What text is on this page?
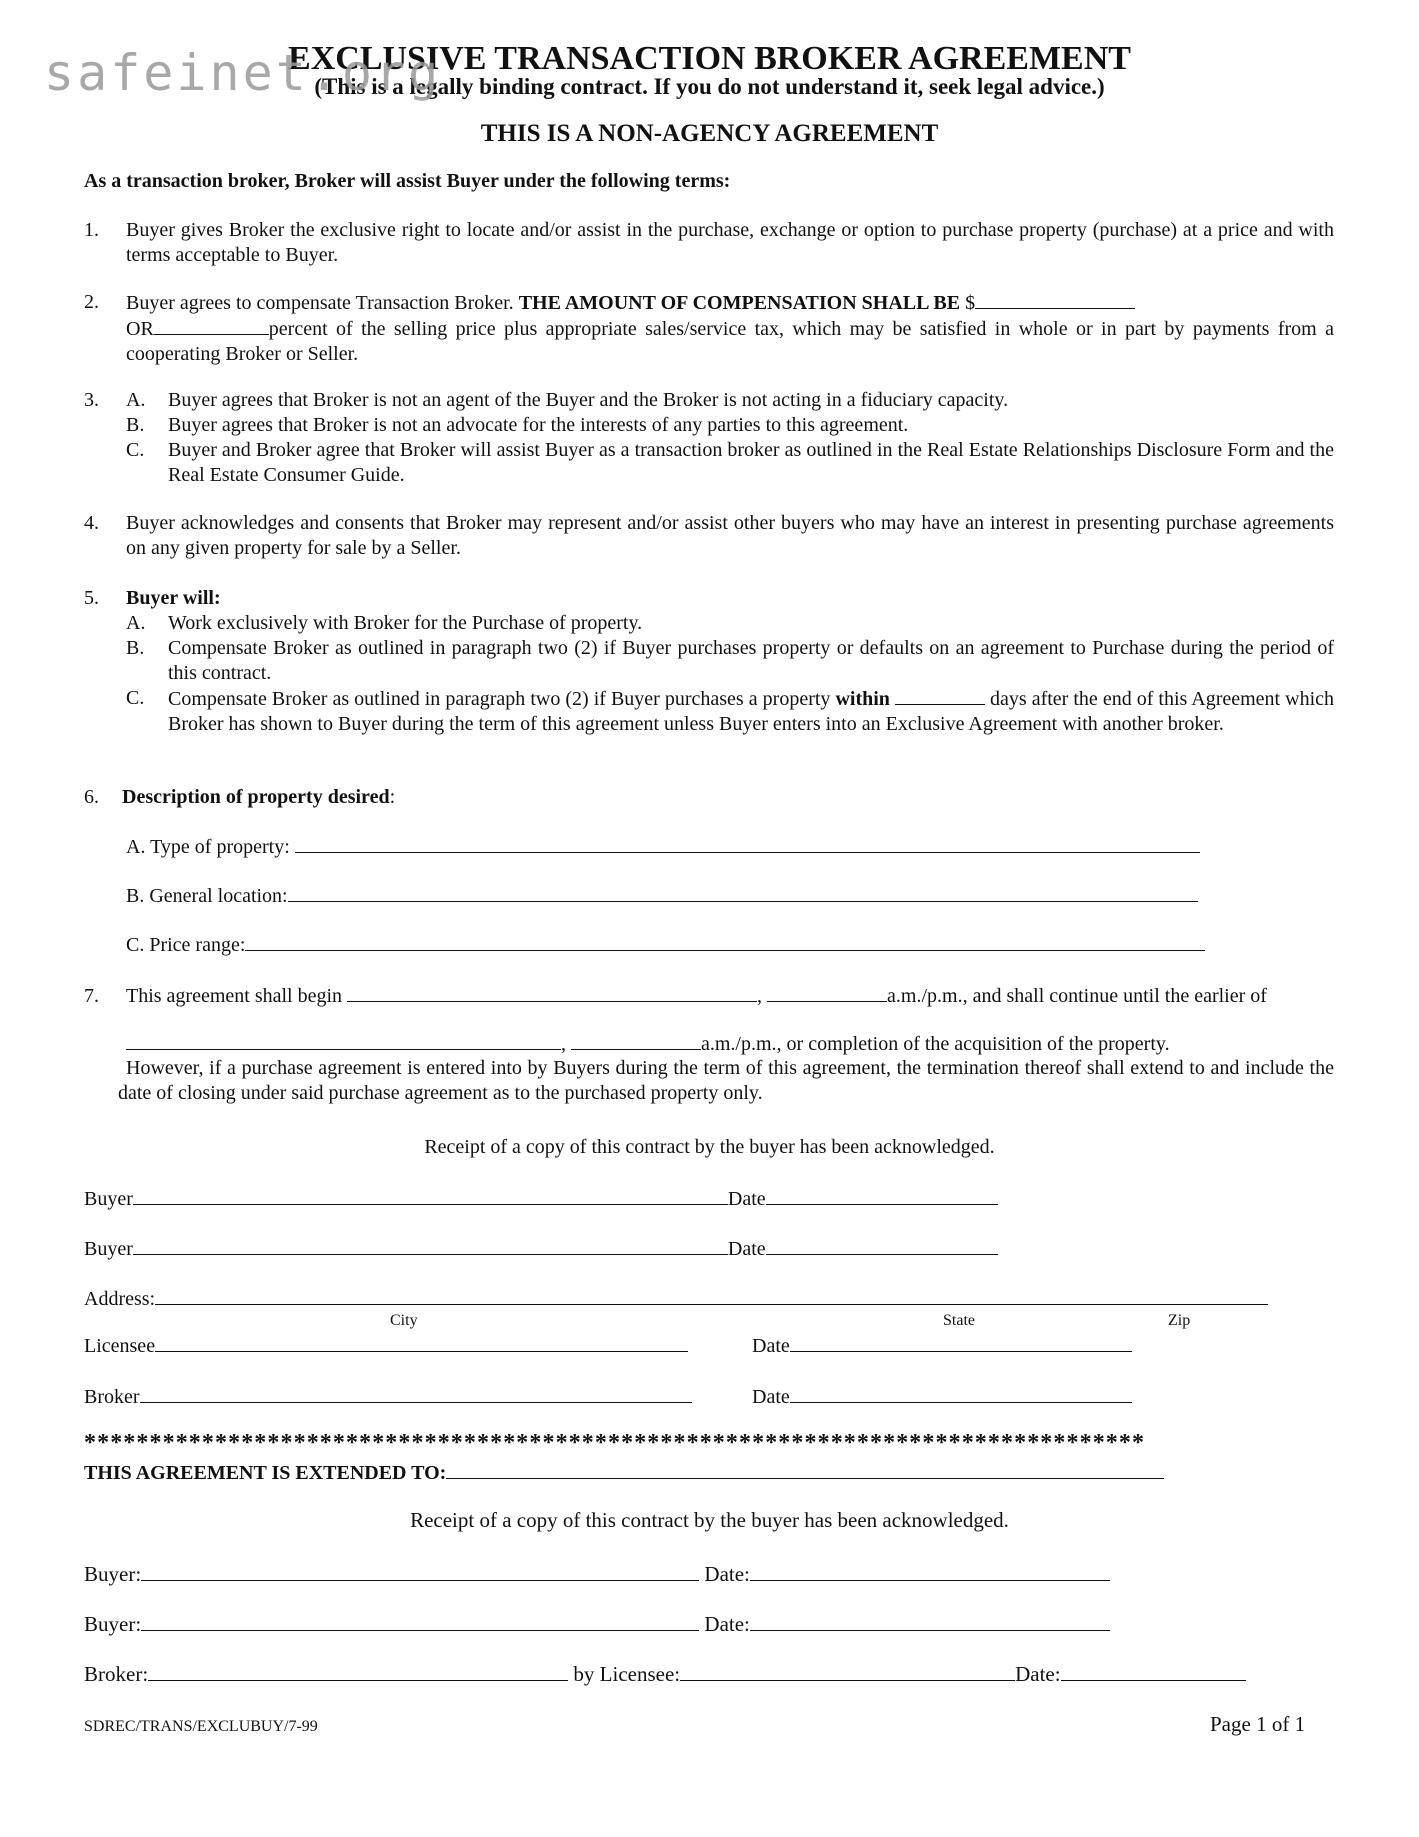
safeinet.org
EXCLUSIVE TRANSACTION BROKER AGREEMENT
(This is a legally binding contract. If you do not understand it, seek legal advice.)
THIS IS A NON-AGENCY AGREEMENT
As a transaction broker, Broker will assist Buyer under the following terms:
1.	Buyer gives Broker the exclusive right to locate and/or assist in the purchase, exchange or option to purchase property (purchase) at a price and with terms acceptable to Buyer.
2.	Buyer agrees to compensate Transaction Broker. THE AMOUNT OF COMPENSATION SHALL BE $
OR	percent of the selling price plus appropriate sales/service tax, which may be satisfied in whole or in part by payments from a cooperating Broker or Seller.
3.	A. Buyer agrees that Broker is not an agent of the Buyer and the Broker is not acting in a fiduciary capacity.
B. Buyer agrees that Broker is not an advocate for the interests of any parties to this agreement.
C. Buyer and Broker agree that Broker will assist Buyer as a transaction broker as outlined in the Real Estate Relationships Disclosure Form and the Real Estate Consumer Guide.
4.	Buyer acknowledges and consents that Broker may represent and/or assist other buyers who may have an interest in presenting purchase agreements on any given property for sale by a Seller.
5.	Buyer will:
A. Work exclusively with Broker for the Purchase of property.
B. Compensate Broker as outlined in paragraph two (2) if Buyer purchases property or defaults on an agreement to Purchase during the period of this contract.
C. Compensate Broker as outlined in paragraph two (2) if Buyer purchases a property within	days after the end of this Agreement which Broker has shown to Buyer during the term of this agreement unless Buyer enters into an Exclusive Agreement with another broker.
6.	Description of property desired:
A. Type of property:
B. General location:
C. Price range:
7. This agreement shall begin	,	a.m./p.m., and shall continue until the earlier of
,	a.m./p.m., or completion of the acquisition of the property.
However, if a purchase agreement is entered into by Buyers during the term of this agreement, the termination thereof shall extend to and include the date of closing under said purchase agreement as to the purchased property only.
Receipt of a copy of this contract by the buyer has been acknowledged.
Buyer	Date
Buyer	Date
Address:
City	State	Zip
Licensee	Date
Broker	Date
*********************************************************************************
THIS AGREEMENT IS EXTENDED TO:
Receipt of a copy of this contract by the buyer has been acknowledged.
Buyer:	Date:
Buyer:	Date:
Broker:	by Licensee:	Date:
SDREC/TRANS/EXCLUBUY/7-99	Page 1 of 1
